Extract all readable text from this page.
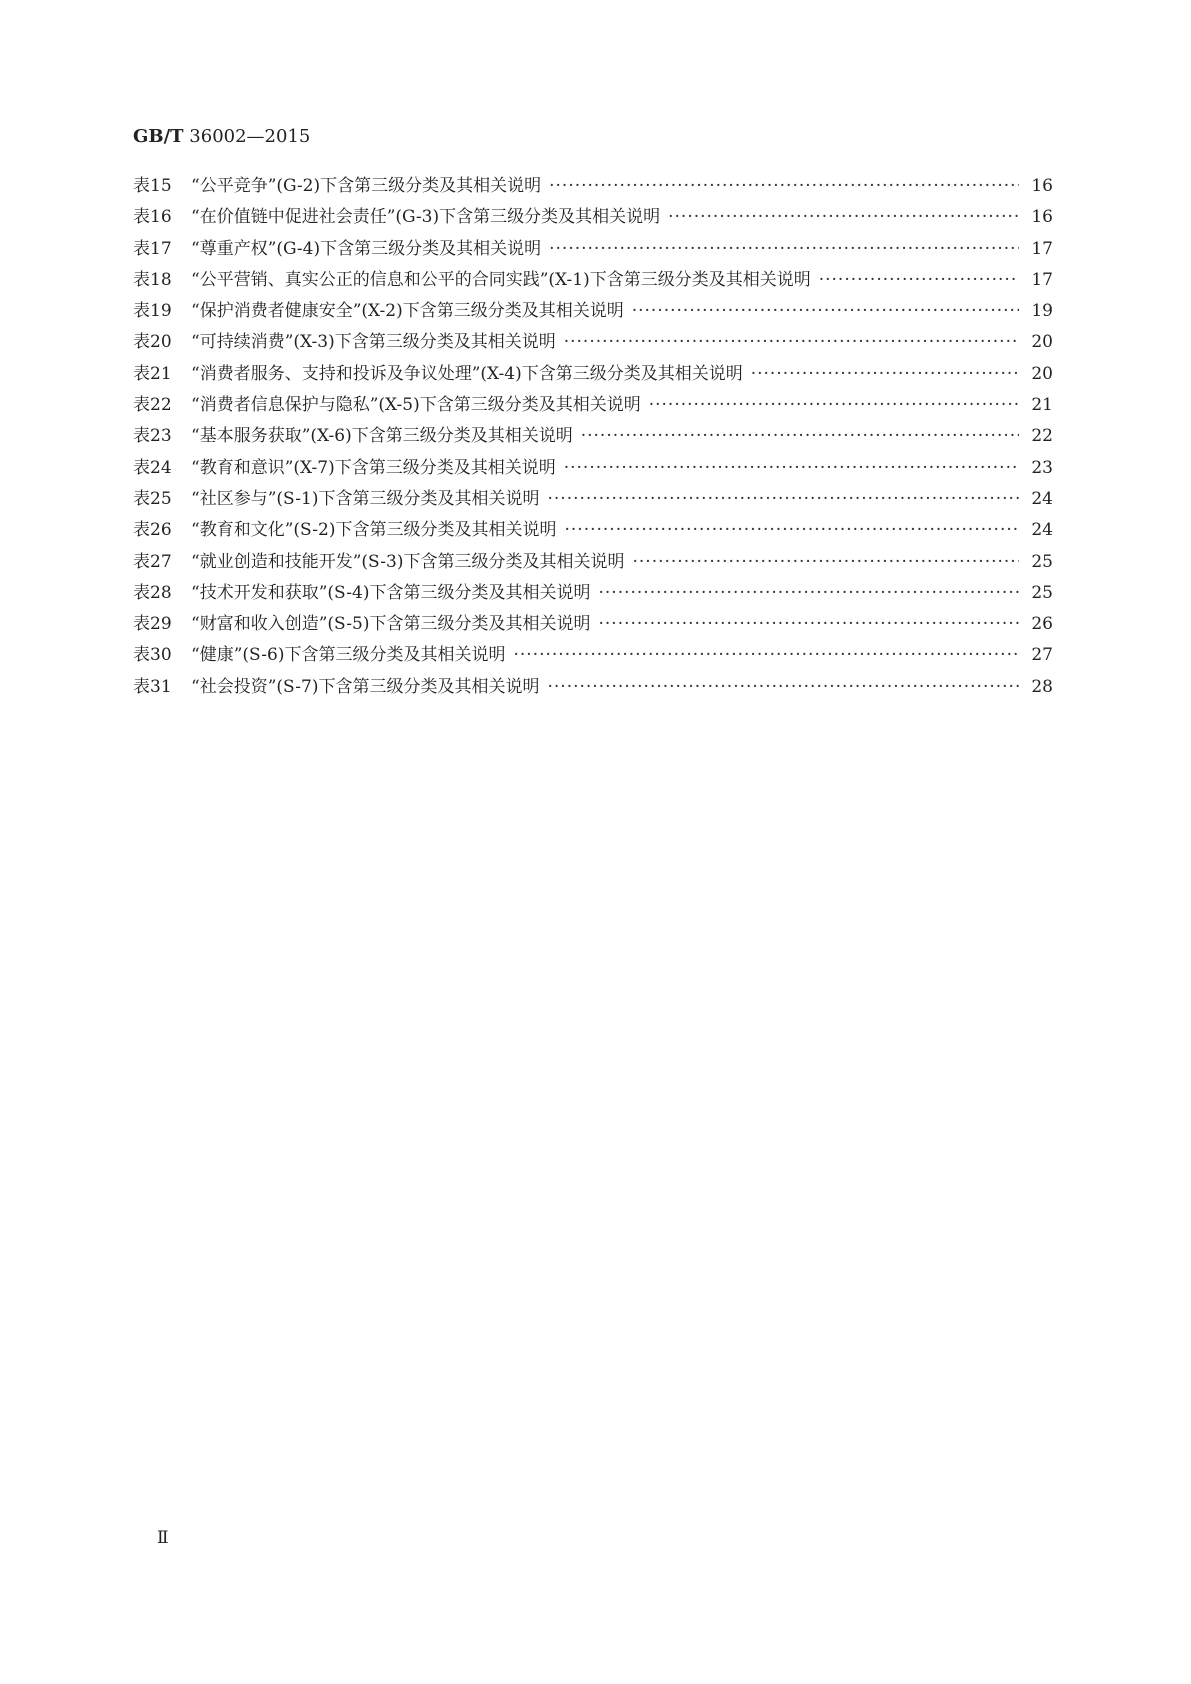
GB/T 36002—2015
表15	“公平竞争”(G-2)下含第三级分类及其相关说明 ·····	16
表16	“在价值链中促进社会责任”(G-3)下含第三级分类及其相关说明 ·····	16
表17	“尊重产权”(G-4)下含第三级分类及其相关说明 ·····	17
表18	“公平营销、真实公正的信息和公平的合同实践”(X-1)下含第三级分类及其相关说明 ·····	17
表19	“保护消费者健康安全”(X-2)下含第三级分类及其相关说明 ·····	19
表20	“可持续消费”(X-3)下含第三级分类及其相关说明 ·····	20
表21	“消费者服务、支持和投诉及争议处理”(X-4)下含第三级分类及其相关说明 ·····	20
表22	“消费者信息保护与隐私”(X-5)下含第三级分类及其相关说明 ·····	21
表23	“基本服务获取”(X-6)下含第三级分类及其相关说明 ·····	22
表24	“教育和意识”(X-7)下含第三级分类及其相关说明 ·····	23
表25	“社区参与”(S-1)下含第三级分类及其相关说明 ·····	24
表26	“教育和文化”(S-2)下含第三级分类及其相关说明 ·····	24
表27	“就业创造和技能开发”(S-3)下含第三级分类及其相关说明 ·····	25
表28	“技术开发和获取”(S-4)下含第三级分类及其相关说明 ·····	25
表29	“财富和收入创造”(S-5)下含第三级分类及其相关说明 ·····	26
表30	“健康”(S-6)下含第三级分类及其相关说明 ·····	27
表31	“社会投资”(S-7)下含第三级分类及其相关说明 ·····	28
Ⅱ
